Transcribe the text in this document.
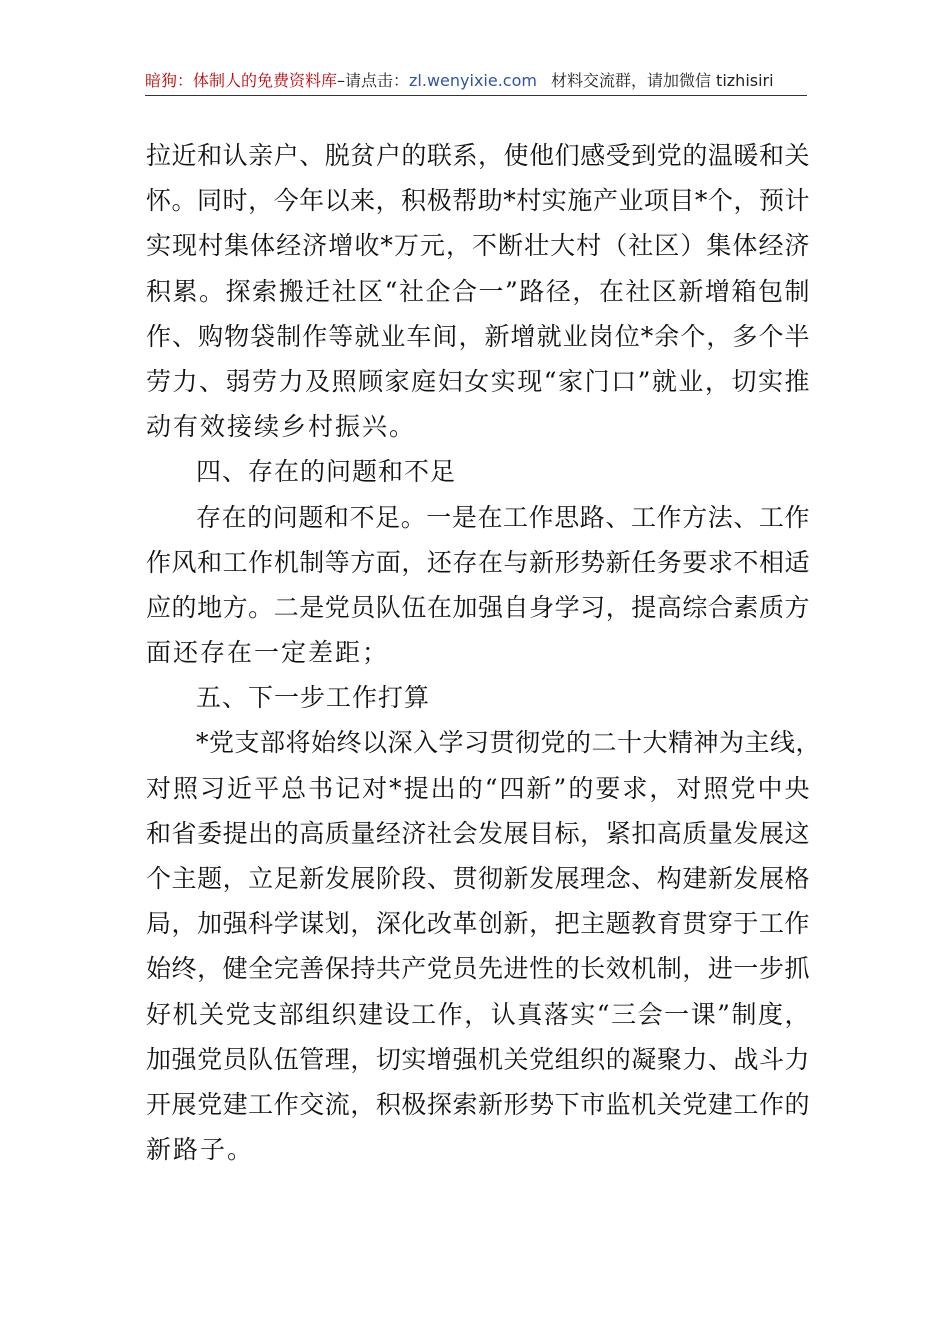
暗狗：体制人的免费资料库–请点击：zl.wenyixie.com 材料交流群，请加微信 tizhisiri
拉近和认亲户、脱贫户的联系，使他们感受到党的温暖和关
怀。同时，今年以来，积极帮助*村实施产业项目*个，预计
实现村集体经济增收*万元，不断壮大村（社区）集体经济
积累。探索搬迁社区“社企合一”路径，在社区新增箱包制
作、购物袋制作等就业车间，新增就业岗位*余个，多个半
劳力、弱劳力及照顾家庭妇女实现“家门口”就业，切实推
动有效接续乡村振兴。
四、存在的问题和不足
存在的问题和不足。一是在工作思路、工作方法、工作
作风和工作机制等方面，还存在与新形势新任务要求不相适
应的地方。二是党员队伍在加强自身学习，提高综合素质方
面还存在一定差距；
五、下一步工作打算
*党支部将始终以深入学习贯彻党的二十大精神为主线，
对照习近平总书记对*提出的“四新”的要求，对照党中央
和省委提出的高质量经济社会发展目标，紧扣高质量发展这
个主题，立足新发展阶段、贯彻新发展理念、构建新发展格
局，加强科学谋划，深化改革创新，把主题教育贯穿于工作
始终，健全完善保持共产党员先进性的长效机制，进一步抓
好机关党支部组织建设工作，认真落实“三会一课”制度，
加强党员队伍管理，切实增强机关党组织的凝聚力、战斗力
开展党建工作交流，积极探索新形势下市监机关党建工作的
新路子。
